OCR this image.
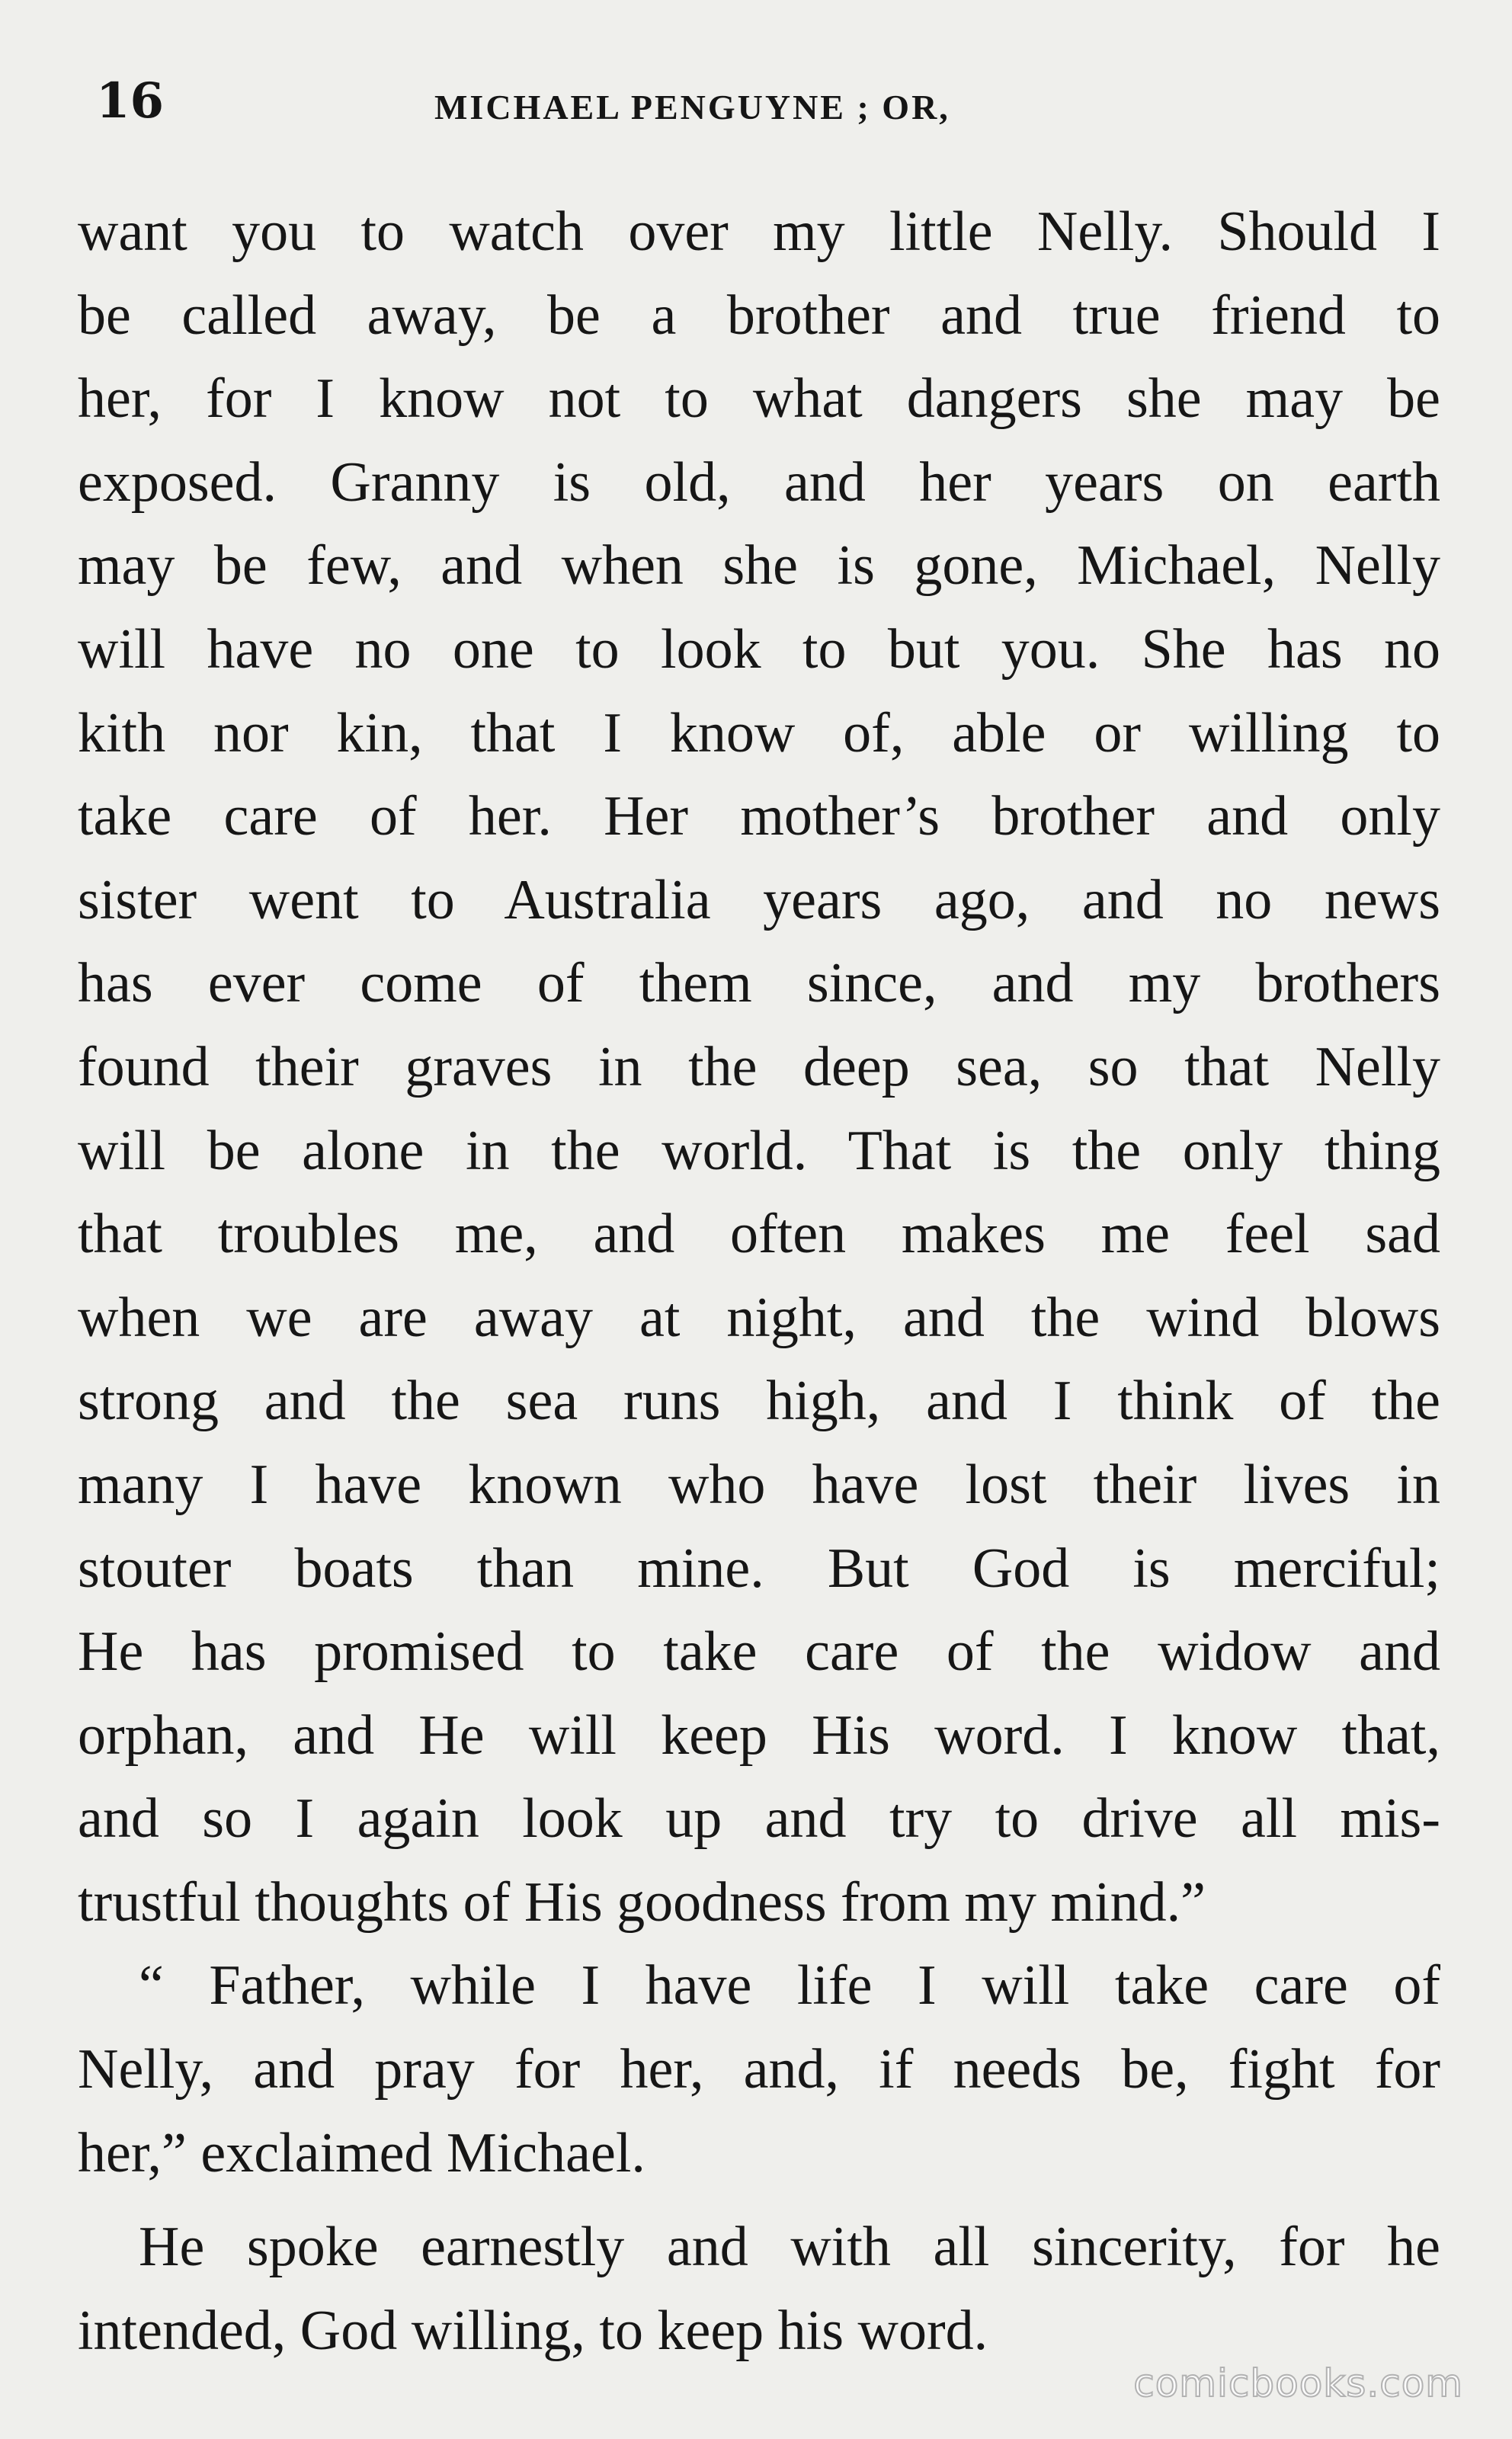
16	MICHAEL PENGUYNE ; OR,
want you to watch over my little Nelly. Should I
be called away, be a brother and true friend to
her, for I know not to what dangers she may be
exposed. Granny is old, and her years on earth
may be few, and when she is gone, Michael, Nelly
will have no one to look to but you. She has no
kith nor kin, that I know of, able or willing to
take care of her. Her mother’s brother and only
sister went to Australia years ago, and no news
has ever come of them since, and my brothers
found their graves in the deep sea, so that Nelly
will be alone in the world. That is the only thing
that troubles me, and often makes me feel sad
when we are away at night, and the wind blows
strong and the sea runs high, and I think of the
many I have known who have lost their lives in
stouter boats than mine. But God is merciful;
He has promised to take care of the widow and
orphan, and He will keep His word. I know that,
and so I again look up and try to drive all mis-
trustful thoughts of His goodness from my mind.”
“ Father, while I have life I will take care of
Nelly, and pray for her, and, if needs be, fight for
her,” exclaimed Michael.
He spoke earnestly and with all sincerity, for he
intended, God willing, to keep his word.
comicbooks.com
